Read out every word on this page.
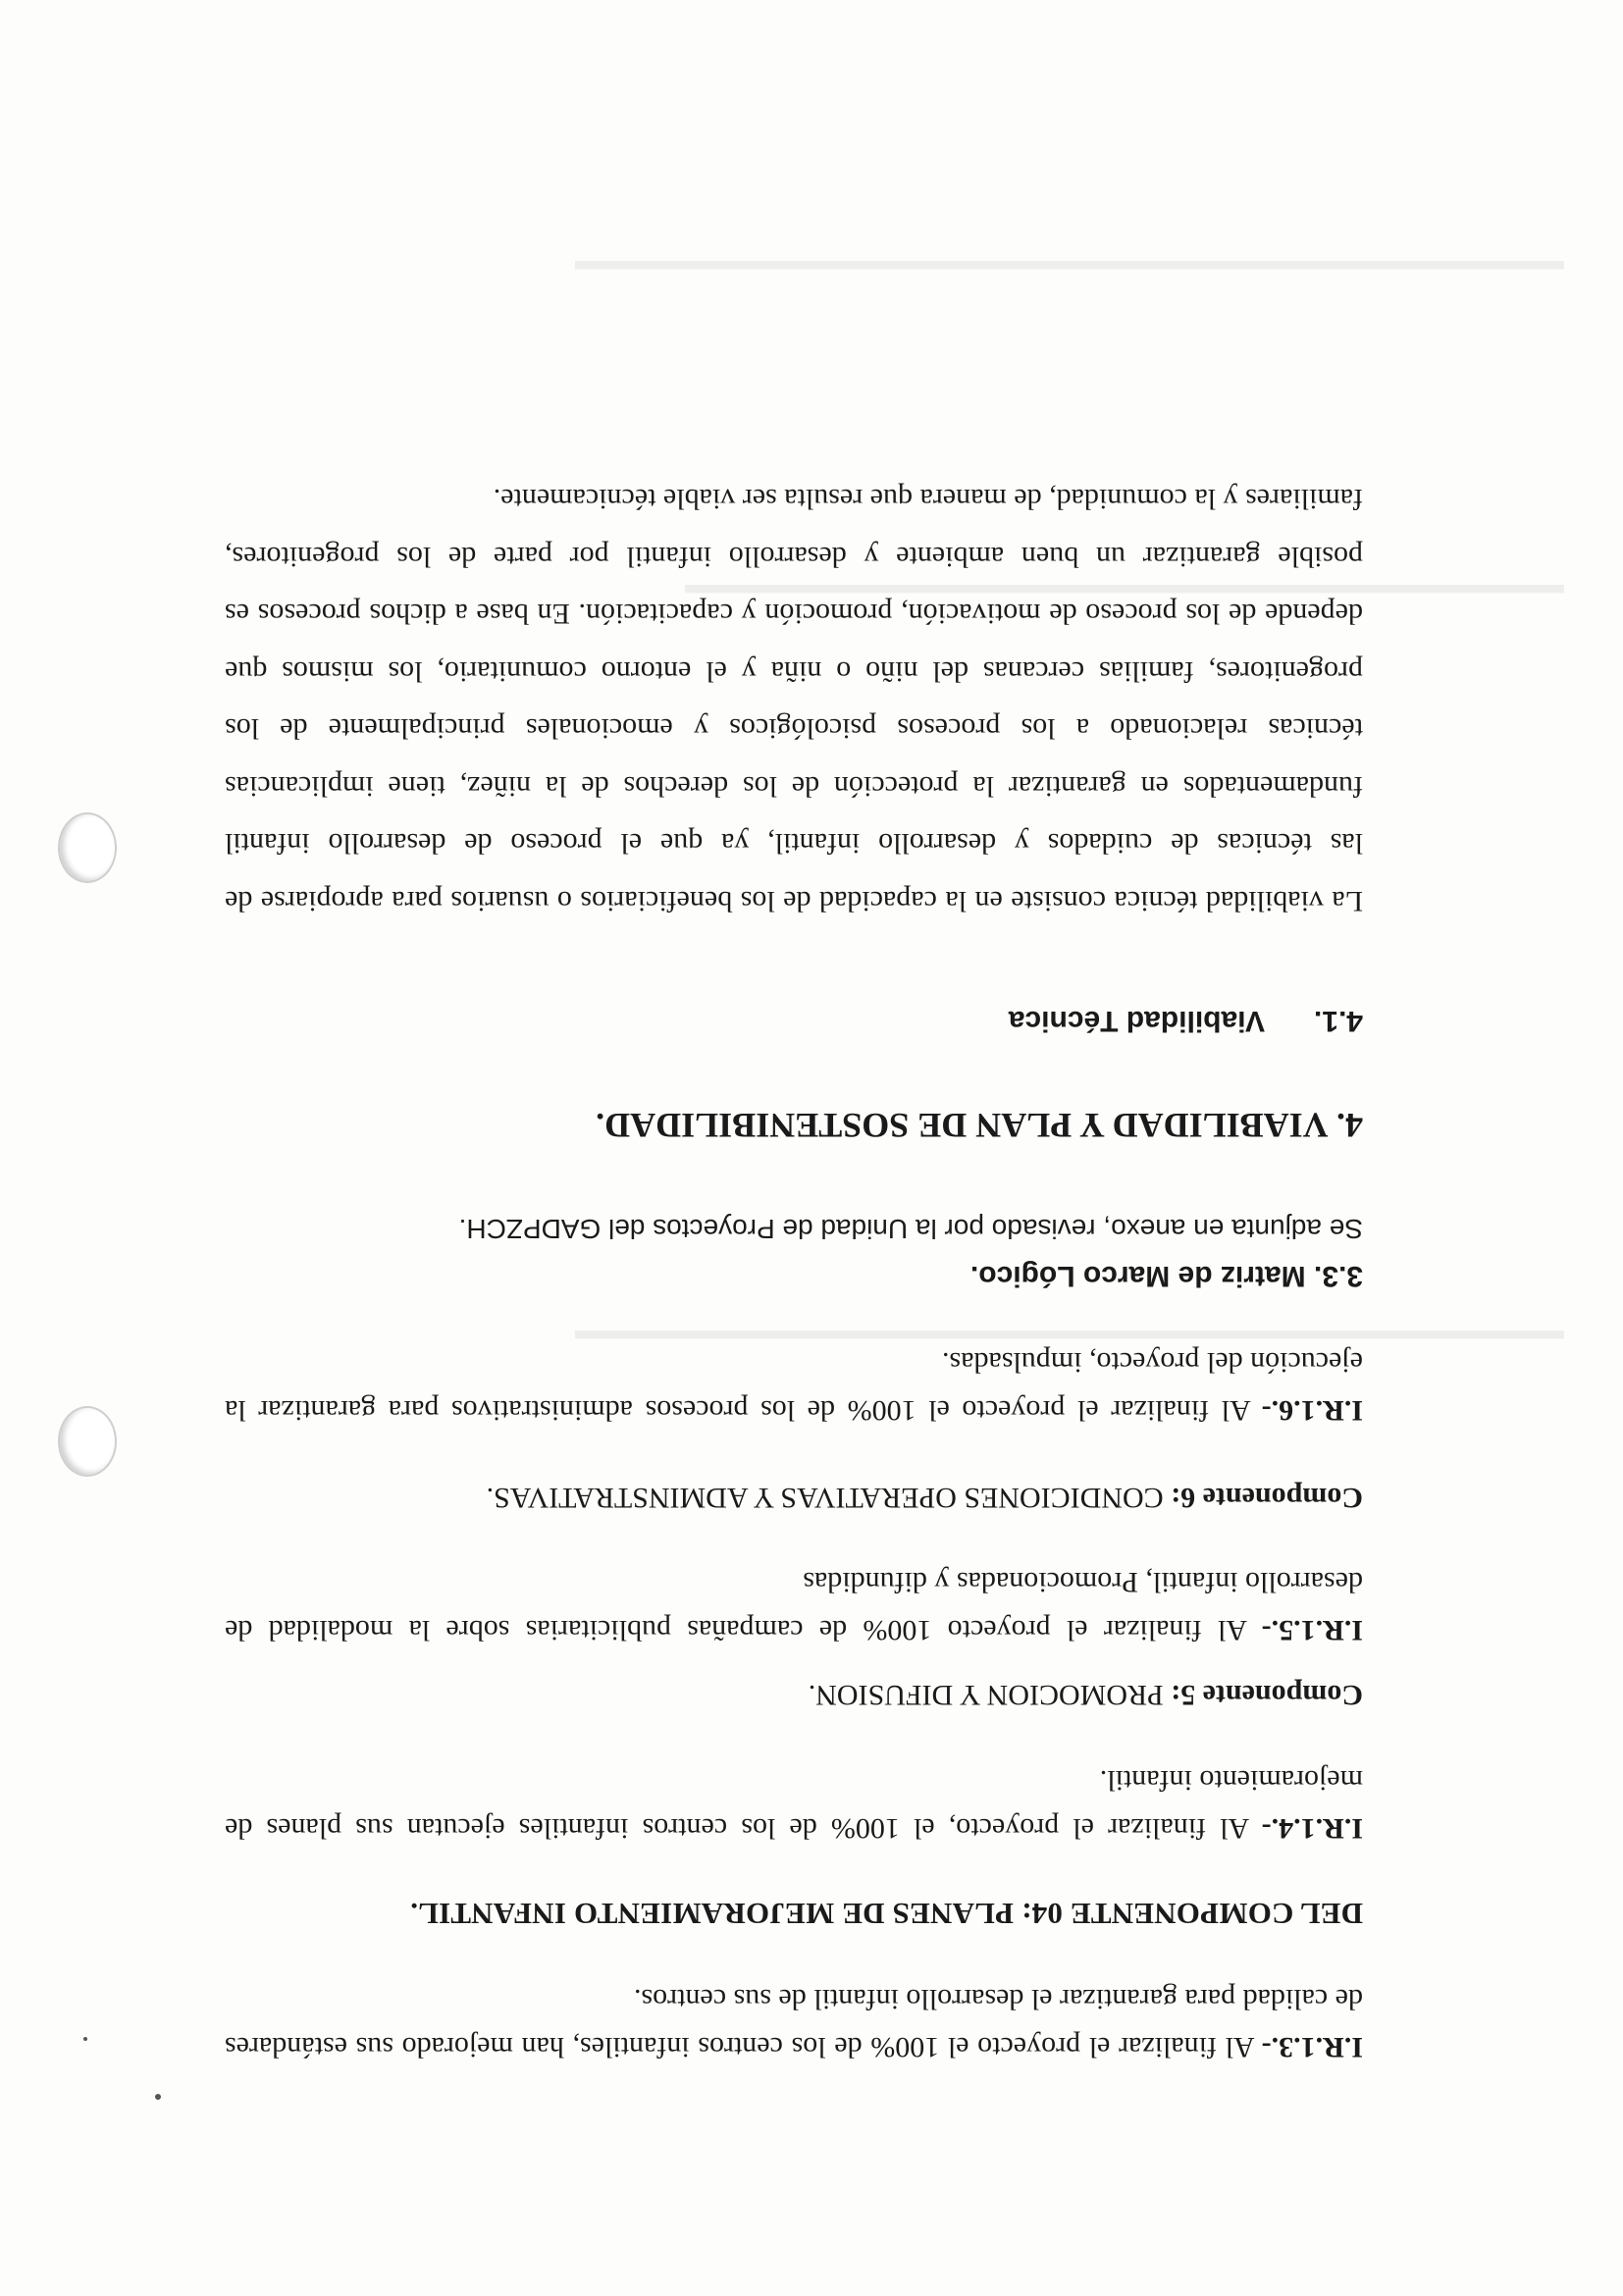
▬▬▬▬▬▬▬▬▬▬▬▬▬▬▬▬▬▬▬▬▬▬▬▬▬▬▬▬▬▬▬▬▬▬▬▬
▬▬▬▬▬▬▬▬▬▬▬▬▬▬▬▬▬▬▬▬▬▬▬▬▬▬▬▬▬▬▬▬
▬▬▬▬▬▬▬▬▬▬▬▬▬▬▬▬▬▬▬▬▬▬▬▬▬▬▬▬▬▬▬▬▬▬▬▬

I.R.1.3.- Al finalizar el proyecto el 100% de los centros infantiles, han mejorado sus estándares de calidad para garantizar el desarrollo infantil de sus centros.

DEL COMPONENTE 04: PLANES DE MEJORAMIENTO INFANTIL.

I.R.1.4.- Al finalizar el proyecto, el 100% de los centros infantiles ejecutan sus planes de mejoramiento infantil.

Componente 5: PROMOCION Y DIFUSION.

I.R.1.5.- Al finalizar el proyecto 100% de campañas publicitarias sobre la modalidad de desarrollo infantil, Promocionadas y difundidas

Componente 6: CONDICIONES OPERATIVAS Y ADMINSTRATIVAS.

I.R.1.6.- Al finalizar el proyecto el 100% de los procesos administrativos para garantizar la ejecución del proyecto, impulsadas.

3.3. Matriz de Marco Lógico.

Se adjunta en anexo, revisado por la Unidad de Proyectos del GADPZCH.

4. VIABILIDAD Y PLAN DE SOSTENIBILIDAD.

4.1.Viabilidad Técnica

La viabilidad técnica consiste en la capacidad de los beneficiarios o usuarios para apropiarse de las técnicas de cuidados y desarrollo infantil, ya que el proceso de desarrollo infantil fundamentados en garantizar la protección de los derechos de la niñez, tiene implicancias técnicas relacionado a los procesos psicológicos y emocionales principalmente de los progenitores, familias cercanas del niño o niña y el entorno comunitario, los mismos que depende de los proceso de motivación, promoción y capacitación. En base a dichos procesos es posible garantizar un buen ambiente y desarrollo infantil por parte de los progenitores, familiares y la comunidad, de manera que resulta ser viable técnicamente.
